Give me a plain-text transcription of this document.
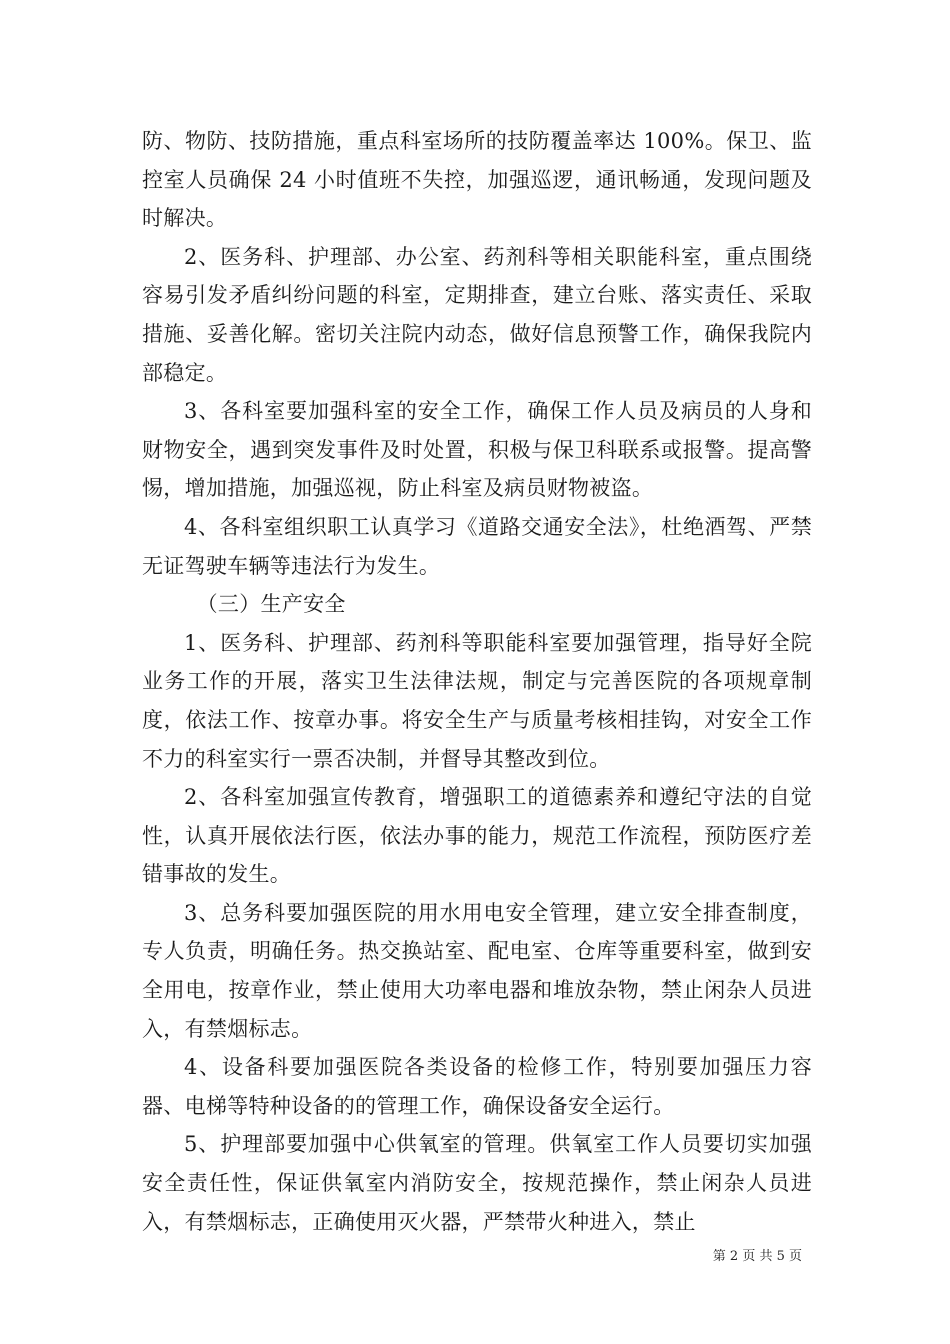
防、物防、技防措施，重点科室场所的技防覆盖率达 100%。保卫、监控室人员确保 24 小时值班不失控，加强巡逻，通讯畅通，发现问题及时解决。

2、医务科、护理部、办公室、药剂科等相关职能科室，重点围绕容易引发矛盾纠纷问题的科室，定期排查，建立台账、落实责任、采取措施、妥善化解。密切关注院内动态，做好信息预警工作，确保我院内部稳定。

3、各科室要加强科室的安全工作，确保工作人员及病员的人身和财物安全，遇到突发事件及时处置，积极与保卫科联系或报警。提高警惕，增加措施，加强巡视，防止科室及病员财物被盗。

4、各科室组织职工认真学习《道路交通安全法》，杜绝酒驾、严禁无证驾驶车辆等违法行为发生。

（三）生产安全

1、医务科、护理部、药剂科等职能科室要加强管理，指导好全院业务工作的开展，落实卫生法律法规，制定与完善医院的各项规章制度，依法工作、按章办事。将安全生产与质量考核相挂钩，对安全工作不力的科室实行一票否决制，并督导其整改到位。

2、各科室加强宣传教育，增强职工的道德素养和遵纪守法的自觉性，认真开展依法行医，依法办事的能力，规范工作流程，预防医疗差错事故的发生。

3、总务科要加强医院的用水用电安全管理，建立安全排查制度，专人负责，明确任务。热交换站室、配电室、仓库等重要科室，做到安全用电，按章作业，禁止使用大功率电器和堆放杂物，禁止闲杂人员进入，有禁烟标志。

4、设备科要加强医院各类设备的检修工作，特别要加强压力容器、电梯等特种设备的的管理工作，确保设备安全运行。

5、护理部要加强中心供氧室的管理。供氧室工作人员要切实加强安全责任性，保证供氧室内消防安全，按规范操作，禁止闲杂人员进入，有禁烟标志，正确使用灭火器，严禁带火种进入，禁止

第 2 页 共 5 页
